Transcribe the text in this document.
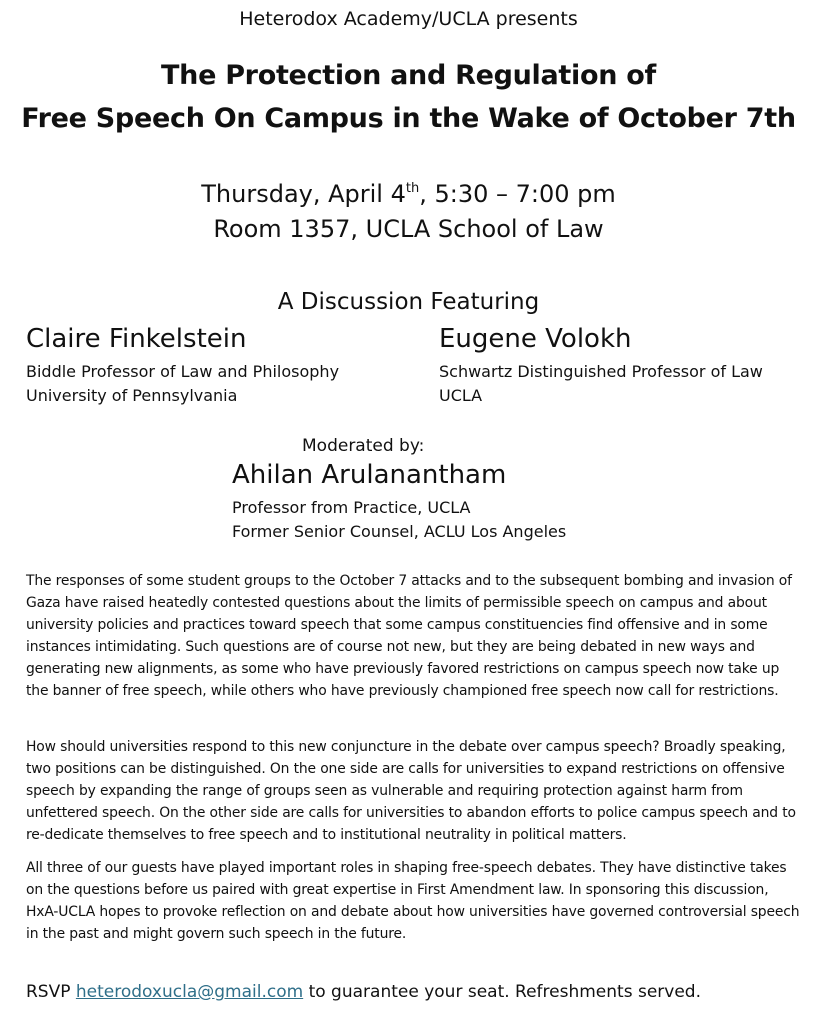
Heterodox Academy/UCLA presents
The Protection and Regulation of
Free Speech On Campus in the Wake of October 7th
Thursday, April 4th, 5:30 – 7:00 pm
Room 1357, UCLA School of Law
A Discussion Featuring
Claire Finkelstein
Biddle Professor of Law and Philosophy
University of Pennsylvania
Eugene Volokh
Schwartz Distinguished Professor of Law
UCLA
Moderated by:
Ahilan Arulanantham
Professor from Practice, UCLA
Former Senior Counsel, ACLU Los Angeles
The responses of some student groups to the October 7 attacks and to the subsequent bombing and invasion of Gaza have raised heatedly contested questions about the limits of permissible speech on campus and about university policies and practices toward speech that some campus constituencies find offensive and in some instances intimidating. Such questions are of course not new, but they are being debated in new ways and generating new alignments, as some who have previously favored restrictions on campus speech now take up the banner of free speech, while others who have previously championed free speech now call for restrictions.
How should universities respond to this new conjuncture in the debate over campus speech? Broadly speaking, two positions can be distinguished. On the one side are calls for universities to expand restrictions on offensive speech by expanding the range of groups seen as vulnerable and requiring protection against harm from unfettered speech. On the other side are calls for universities to abandon efforts to police campus speech and to re-dedicate themselves to free speech and to institutional neutrality in political matters.
All three of our guests have played important roles in shaping free-speech debates. They have distinctive takes on the questions before us paired with great expertise in First Amendment law. In sponsoring this discussion, HxA-UCLA hopes to provoke reflection on and debate about how universities have governed controversial speech in the past and might govern such speech in the future.
RSVP heterodoxucla@gmail.com to guarantee your seat. Refreshments served.
